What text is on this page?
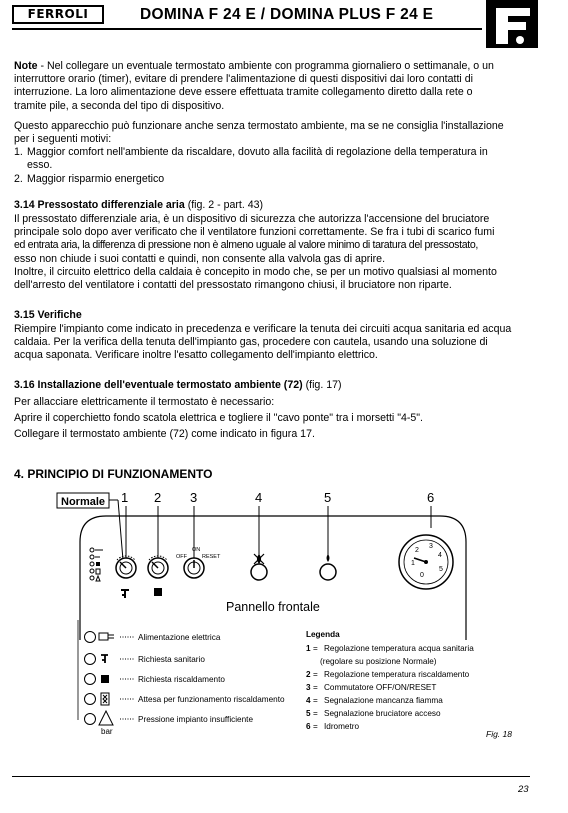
FERROLI	DOMINA F 24 E / DOMINA PLUS F 24 E
Note - Nel collegare un eventuale termostato ambiente con programma giornaliero o settimanale, o un
interruttore orario (timer), evitare di prendere l'alimentazione di questi dispositivi dai loro contatti di
interruzione. La loro alimentazione deve essere effettuata tramite collegamento diretto dalla rete o
tramite pile, a seconda del tipo di dispositivo.
Questo apparecchio può funzionare anche senza termostato ambiente, ma se ne consiglia l'installazione
per i seguenti motivi:
1. Maggior comfort nell'ambiente da riscaldare, dovuto alla facilità di regolazione della temperatura in
esso.
2. Maggior risparmio energetico
3.14 Pressostato differenziale aria (fig. 2 - part. 43)
Il pressostato differenziale aria, è un dispositivo di sicurezza che autorizza l'accensione del bruciatore
principale solo dopo aver verificato che il ventilatore funzioni correttamente. Se fra i tubi di scarico fumi
ed entrata aria, la differenza di pressione non è almeno uguale al valore minimo di taratura del pressostato,
esso non chiude i suoi contatti e quindi, non consente alla valvola gas di aprire.
Inoltre, il circuito elettrico della caldaia è concepito in modo che, se per un motivo qualsiasi al momento
dell'arresto del ventilatore i contatti del pressostato rimangono chiusi, il bruciatore non riparte.
3.15 Verifiche
Riempire l'impianto come indicato in precedenza e verificare la tenuta dei circuiti acqua sanitaria ed acqua
caldaia. Per la verifica della tenuta dell'impianto gas, procedere con cautela, usando una soluzione di
acqua saponata. Verificare inoltre l'esatto collegamento dell'impianto elettrico.
3.16 Installazione dell'eventuale termostato ambiente (72) (fig. 17)
Per allacciare elettricamente il termostato è necessario:
Aprire il coperchietto fondo scatola elettrica e togliere il "cavo ponte" tra i morsetti "4-5".
Collegare il termostato ambiente (72) come indicato in figura 17.
4. PRINCIPIO DI FUNZIONAMENTO
Normale 1 2 3	4	5	6
Pannello frontale
OFF
ON
RESET
0
1
2
3
4
5
Alimentazione elettrica
Richiesta sanitario
Richiesta riscaldamento
Attesa per funzionamento riscaldamento
bar
Pressione impianto insufficiente
Legenda
1 = Regolazione temperatura acqua sanitaria
(regolare su posizione Normale)
2 = Regolazione temperatura riscaldamento
3 = Commutatore OFF/ON/RESET
4 = Segnalazione mancanza fiamma
5 = Segnalazione bruciatore acceso
6 = Idrometro
Fig. 18
23
